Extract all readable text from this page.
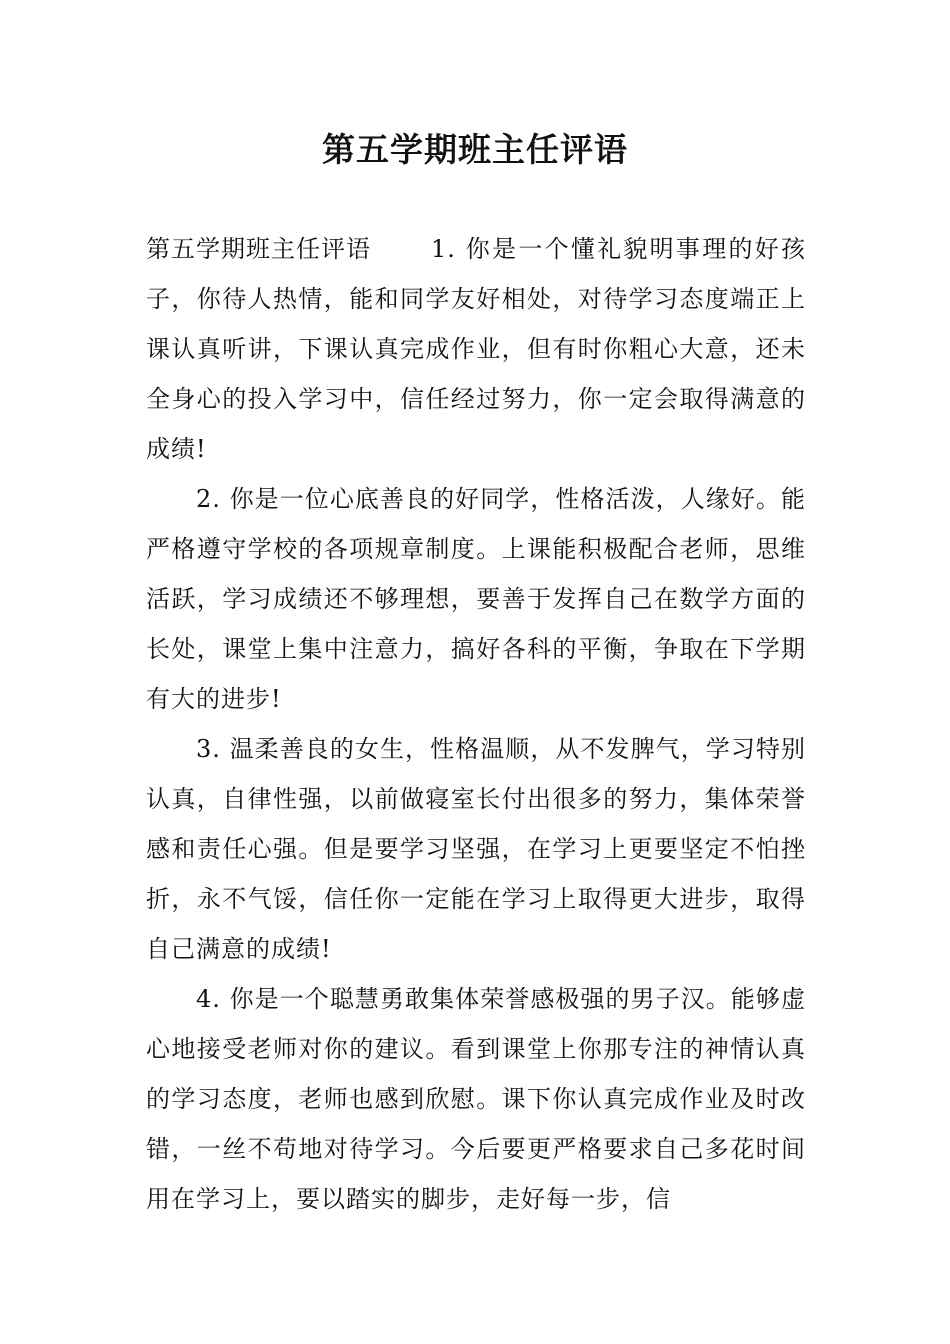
第五学期班主任评语

第五学期班主任评语	1. 你是一个懂礼貌明事理的好孩子，你待人热情，能和同学友好相处，对待学习态度端正上课认真听讲，下课认真完成作业，但有时你粗心大意，还未全身心的投入学习中，信任经过努力，你一定会取得满意的成绩!

2. 你是一位心底善良的好同学，性格活泼，人缘好。能严格遵守学校的各项规章制度。上课能积极配合老师，思维活跃，学习成绩还不够理想，要善于发挥自己在数学方面的长处，课堂上集中注意力，搞好各科的平衡，争取在下学期有大的进步!

3. 温柔善良的女生，性格温顺，从不发脾气，学习特别认真，自律性强，以前做寝室长付出很多的努力，集体荣誉感和责任心强。但是要学习坚强，在学习上更要坚定不怕挫折，永不气馁，信任你一定能在学习上取得更大进步，取得自己满意的成绩!

4. 你是一个聪慧勇敢集体荣誉感极强的男子汉。能够虚心地接受老师对你的建议。看到课堂上你那专注的神情认真的学习态度，老师也感到欣慰。课下你认真完成作业及时改错，一丝不苟地对待学习。今后要更严格要求自己多花时间用在学习上，要以踏实的脚步，走好每一步，信
